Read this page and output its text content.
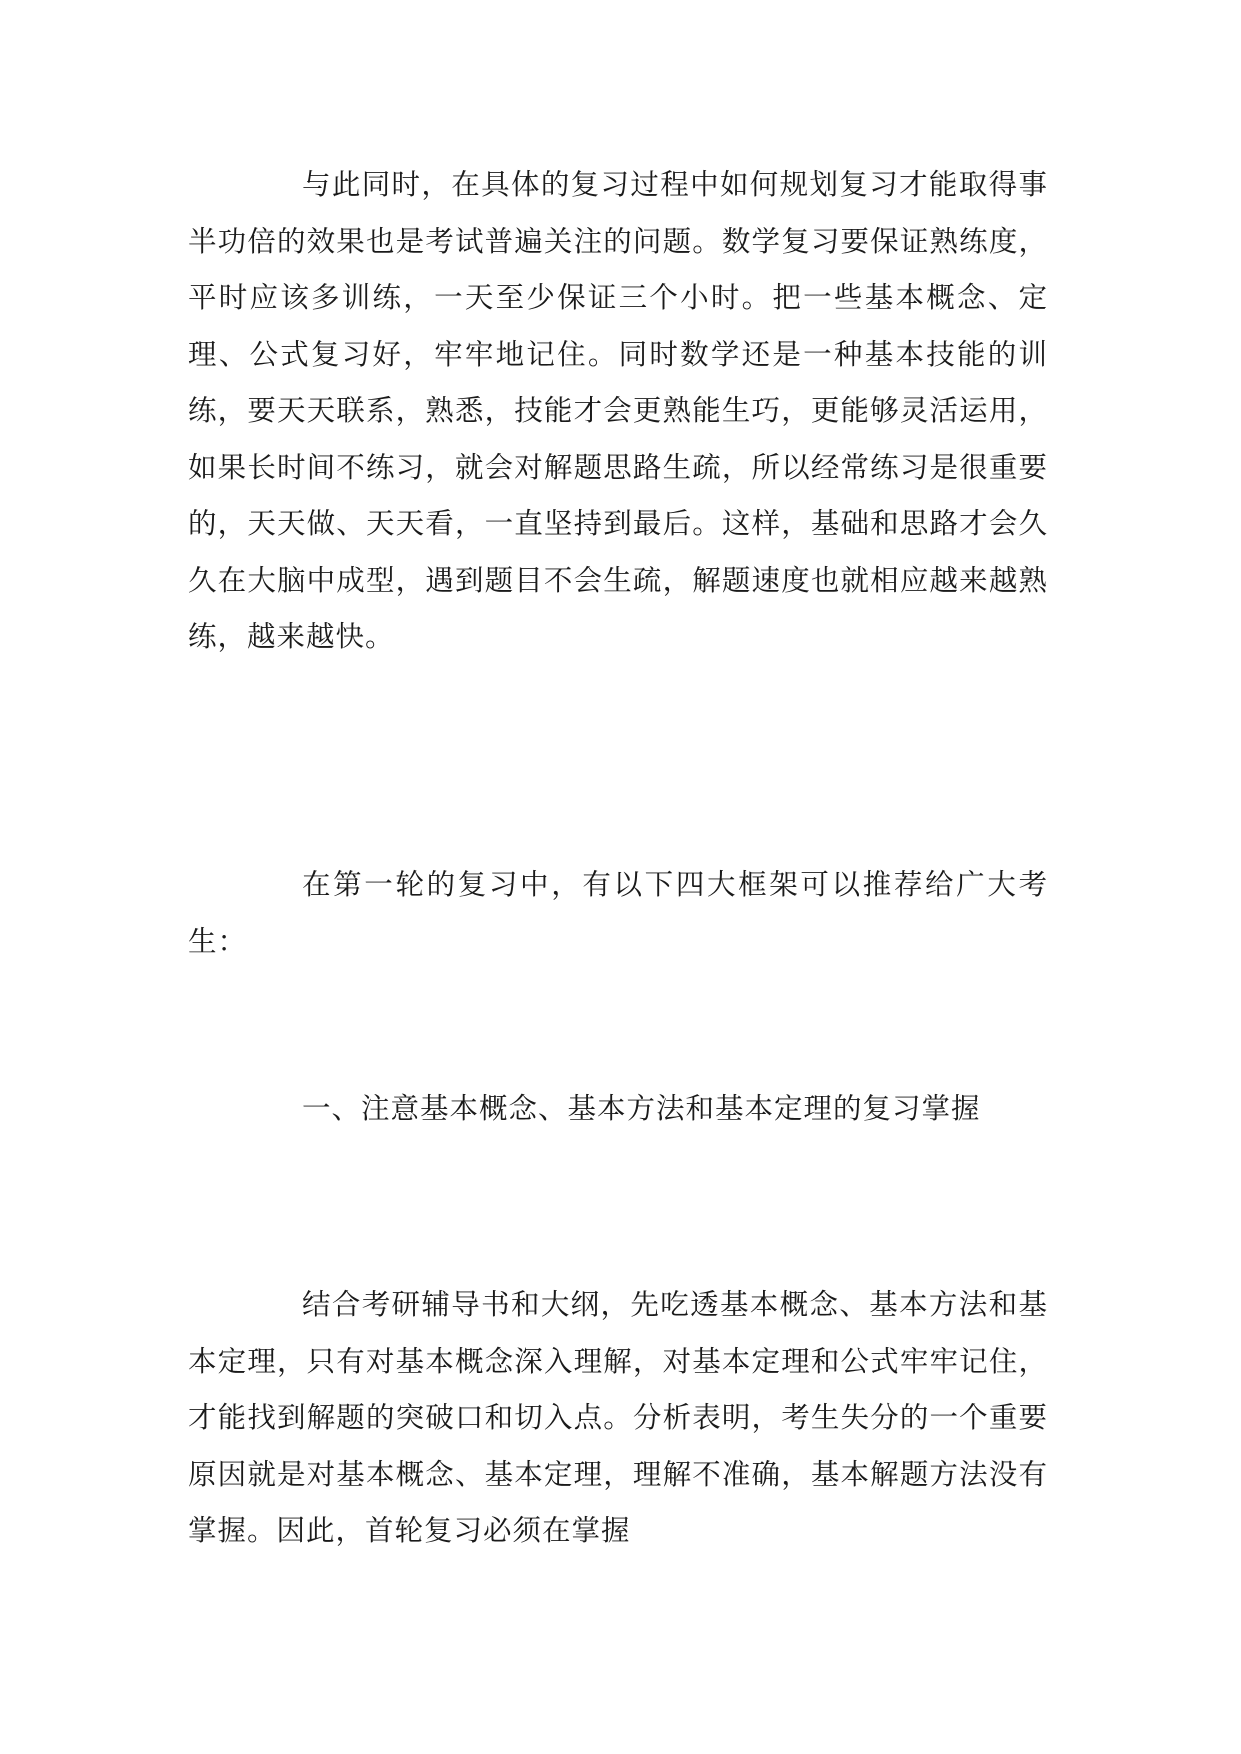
与此同时，在具体的复习过程中如何规划复习才能取得事半功倍的效果也是考试普遍关注的问题。数学复习要保证熟练度，平时应该多训练，一天至少保证三个小时。把一些基本概念、定理、公式复习好，牢牢地记住。同时数学还是一种基本技能的训练，要天天联系，熟悉，技能才会更熟能生巧，更能够灵活运用，如果长时间不练习，就会对解题思路生疏，所以经常练习是很重要的，天天做、天天看，一直坚持到最后。这样，基础和思路才会久久在大脑中成型，遇到题目不会生疏，解题速度也就相应越来越熟练，越来越快。

在第一轮的复习中，有以下四大框架可以推荐给广大考生：

一、注意基本概念、基本方法和基本定理的复习掌握

结合考研辅导书和大纲，先吃透基本概念、基本方法和基本定理，只有对基本概念深入理解，对基本定理和公式牢牢记住，才能找到解题的突破口和切入点。分析表明，考生失分的一个重要原因就是对基本概念、基本定理，理解不准确，基本解题方法没有掌握。因此，首轮复习必须在掌握
